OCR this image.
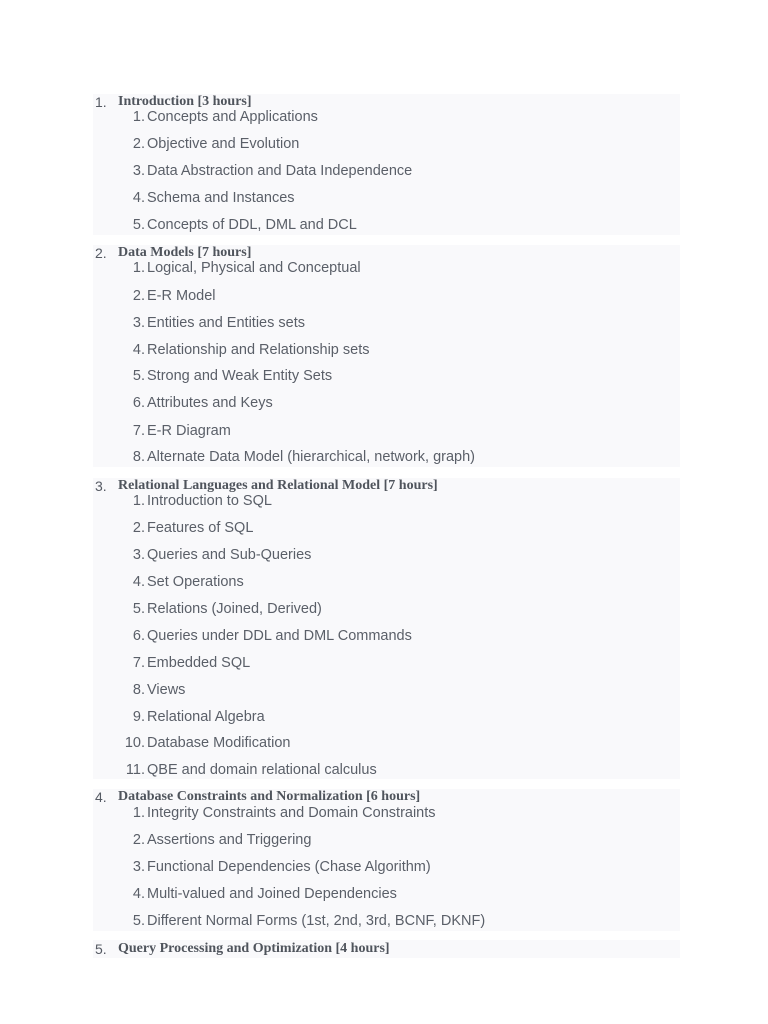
1. Introduction [3 hours]
1. Concepts and Applications
2. Objective and Evolution
3. Data Abstraction and Data Independence
4. Schema and Instances
5. Concepts of DDL, DML and DCL
2. Data Models [7 hours]
1. Logical, Physical and Conceptual
2. E-R Model
3. Entities and Entities sets
4. Relationship and Relationship sets
5. Strong and Weak Entity Sets
6. Attributes and Keys
7. E-R Diagram
8. Alternate Data Model (hierarchical, network, graph)
3. Relational Languages and Relational Model [7 hours]
1. Introduction to SQL
2. Features of SQL
3. Queries and Sub-Queries
4. Set Operations
5. Relations (Joined, Derived)
6. Queries under DDL and DML Commands
7. Embedded SQL
8. Views
9. Relational Algebra
10. Database Modification
11. QBE and domain relational calculus
4. Database Constraints and Normalization [6 hours]
1. Integrity Constraints and Domain Constraints
2. Assertions and Triggering
3. Functional Dependencies (Chase Algorithm)
4. Multi-valued and Joined Dependencies
5. Different Normal Forms (1st, 2nd, 3rd, BCNF, DKNF)
5. Query Processing and Optimization [4 hours]
